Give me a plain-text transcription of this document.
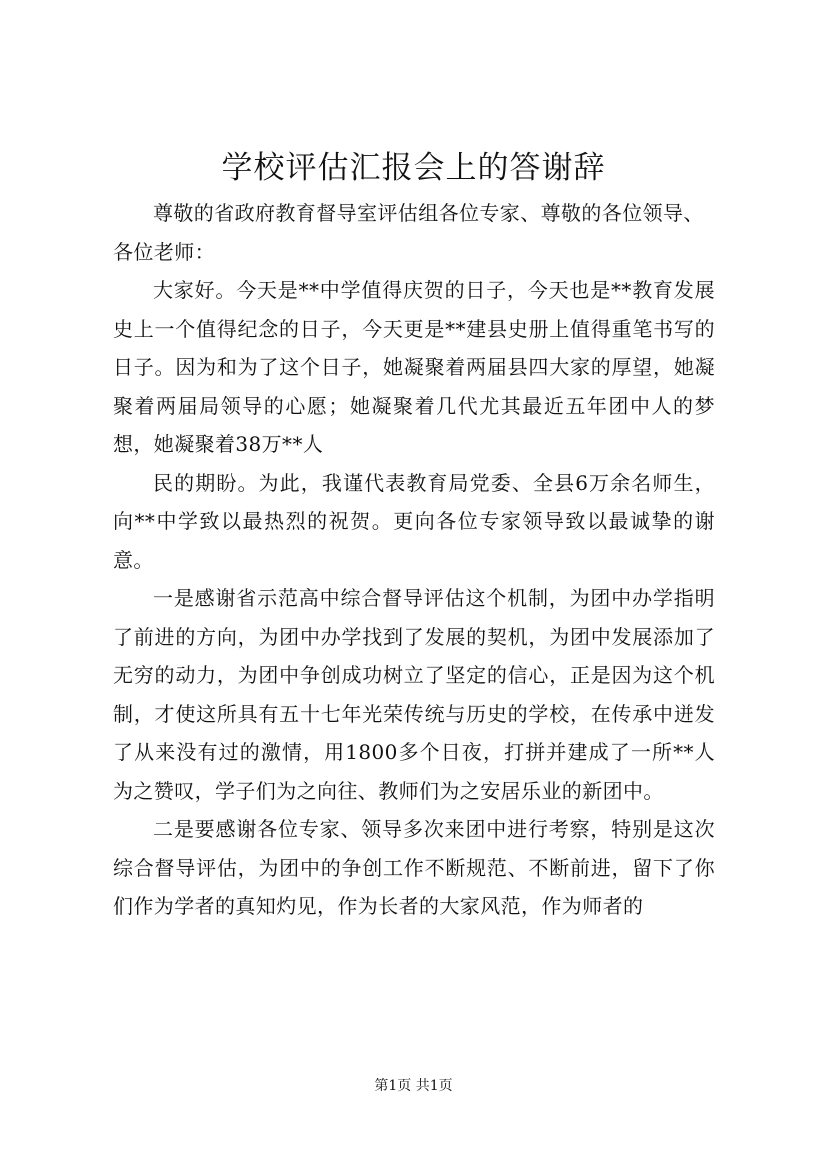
学校评估汇报会上的答谢辞

尊敬的省政府教育督导室评估组各位专家、尊敬的各位领导、

各位老师：

大家好。今天是**中学值得庆贺的日子，今天也是**教育发展史上一个值得纪念的日子，今天更是**建县史册上值得重笔书写的日子。因为和为了这个日子，她凝聚着两届县四大家的厚望，她凝聚着两届局领导的心愿；她凝聚着几代尤其最近五年团中人的梦想，她凝聚着38万**人

民的期盼。为此，我谨代表教育局党委、全县6万余名师生，向**中学致以最热烈的祝贺。更向各位专家领导致以最诚挚的谢意。

一是感谢省示范高中综合督导评估这个机制，为团中办学指明了前进的方向，为团中办学找到了发展的契机，为团中发展添加了无穷的动力，为团中争创成功树立了坚定的信心，正是因为这个机制，才使这所具有五十七年光荣传统与历史的学校，在传承中迸发了从来没有过的激情，用1800多个日夜，打拼并建成了一所**人为之赞叹，学子们为之向往、教师们为之安居乐业的新团中。

二是要感谢各位专家、领导多次来团中进行考察，特别是这次综合督导评估，为团中的争创工作不断规范、不断前进，留下了你们作为学者的真知灼见，作为长者的大家风范，作为师者的

第1页 共1页
